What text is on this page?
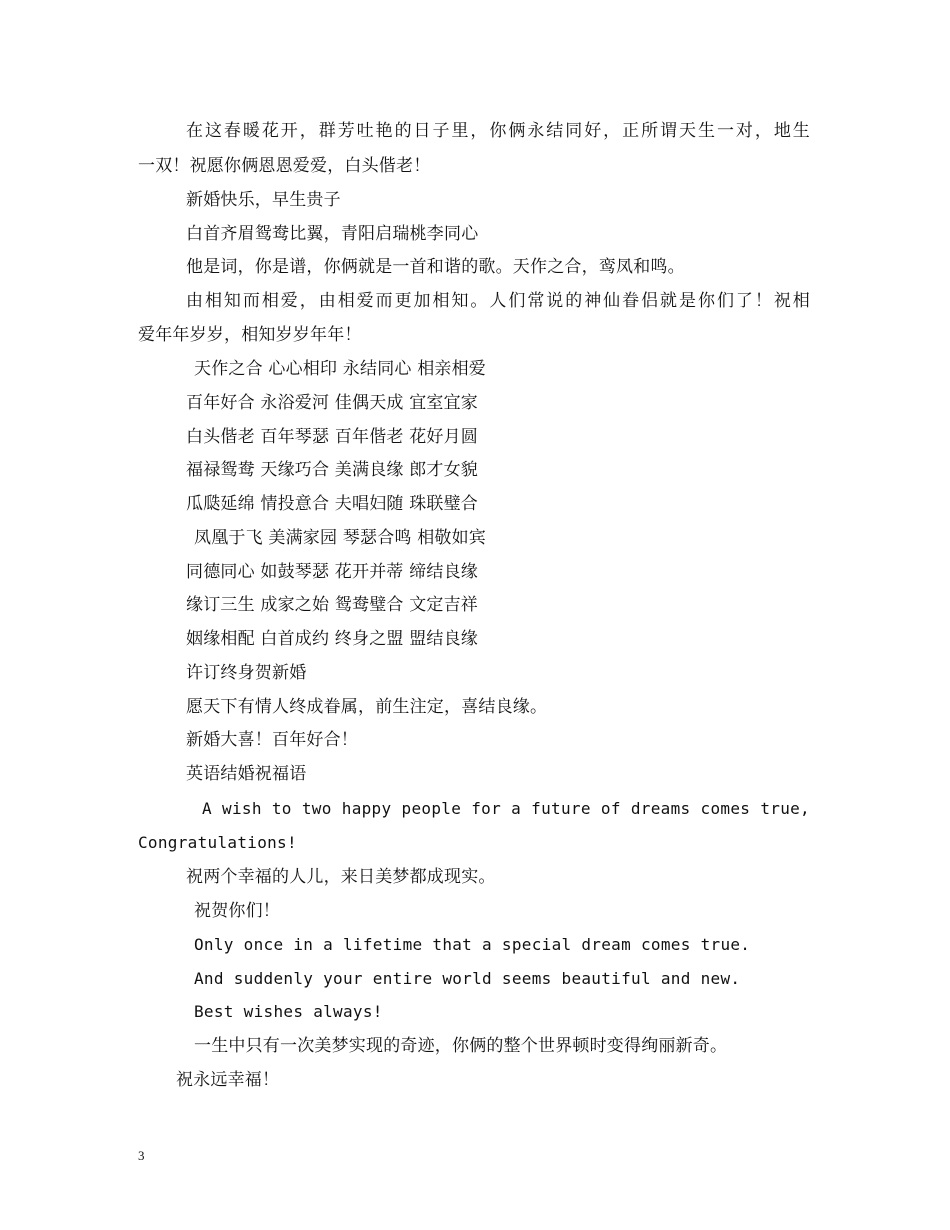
在这春暖花开，群芳吐艳的日子里，你俩永结同好，正所谓天生一对，地生
一双！祝愿你俩恩恩爱爱，白头偕老！
新婚快乐，早生贵子
白首齐眉鸳鸯比翼，青阳启瑞桃李同心
他是词，你是谱，你俩就是一首和谐的歌。天作之合，鸾凤和鸣。
由相知而相爱，由相爱而更加相知。人们常说的神仙眷侣就是你们了！祝相
爱年年岁岁，相知岁岁年年！
天作之合 心心相印 永结同心 相亲相爱
百年好合 永浴爱河 佳偶天成 宜室宜家
白头偕老 百年琴瑟 百年偕老 花好月圆
福禄鸳鸯 天缘巧合 美满良缘 郎才女貌
瓜瓞延绵 情投意合 夫唱妇随 珠联璧合
凤凰于飞 美满家园 琴瑟合鸣 相敬如宾
同德同心 如鼓琴瑟 花开并蒂 缔结良缘
缘订三生 成家之始 鸳鸯璧合 文定吉祥
姻缘相配 白首成约 终身之盟 盟结良缘
许订终身贺新婚
愿天下有情人终成眷属，前生注定，喜结良缘。
新婚大喜！百年好合！
英语结婚祝福语
A wish to two happy people for a future of dreams comes true,
Congratulations!
祝两个幸福的人儿，来日美梦都成现实。
祝贺你们！
Only once in a lifetime that a special dream comes true.
And suddenly your entire world seems beautiful and new.
Best wishes always!
一生中只有一次美梦实现的奇迹，你俩的整个世界顿时变得绚丽新奇。
祝永远幸福！
3
